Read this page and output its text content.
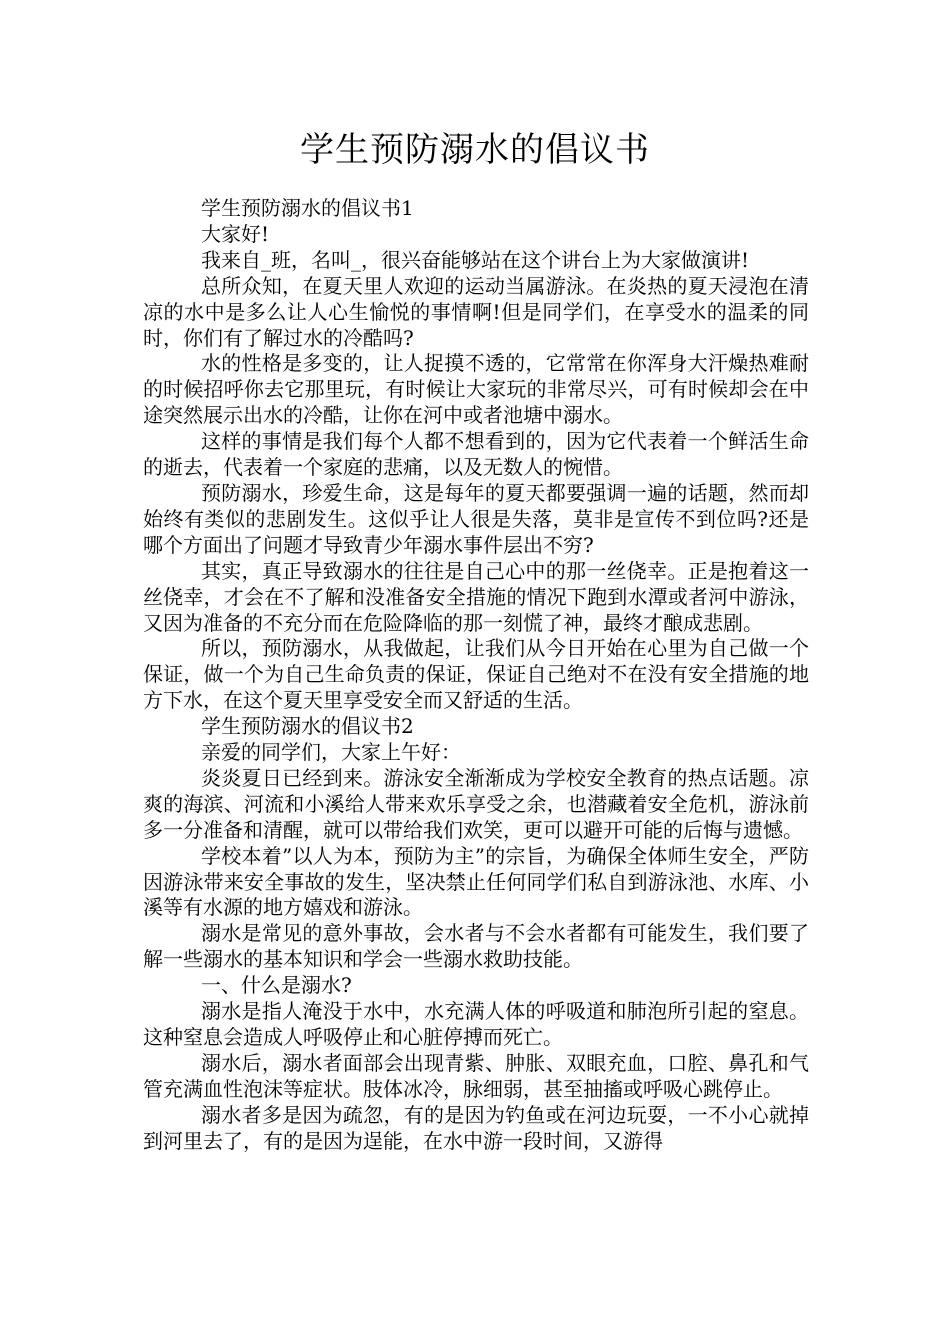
学生预防溺水的倡议书

学生预防溺水的倡议书1

大家好!

我来自_班，名叫_，很兴奋能够站在这个讲台上为大家做演讲!

总所众知，在夏天里人欢迎的运动当属游泳。在炎热的夏天浸泡在清凉的水中是多么让人心生愉悦的事情啊!但是同学们，在享受水的温柔的同时，你们有了解过水的冷酷吗?

水的性格是多变的，让人捉摸不透的，它常常在你浑身大汗燥热难耐的时候招呼你去它那里玩，有时候让大家玩的非常尽兴，可有时候却会在中途突然展示出水的冷酷，让你在河中或者池塘中溺水。

这样的事情是我们每个人都不想看到的，因为它代表着一个鲜活生命的逝去，代表着一个家庭的悲痛，以及无数人的惋惜。

预防溺水，珍爱生命，这是每年的夏天都要强调一遍的话题，然而却始终有类似的悲剧发生。这似乎让人很是失落，莫非是宣传不到位吗?还是哪个方面出了问题才导致青少年溺水事件层出不穷?

其实，真正导致溺水的往往是自己心中的那一丝侥幸。正是抱着这一丝侥幸，才会在不了解和没准备安全措施的情况下跑到水潭或者河中游泳，又因为准备的不充分而在危险降临的那一刻慌了神，最终才酿成悲剧。

所以，预防溺水，从我做起，让我们从今日开始在心里为自己做一个保证，做一个为自己生命负责的保证，保证自己绝对不在没有安全措施的地方下水，在这个夏天里享受安全而又舒适的生活。

学生预防溺水的倡议书2

亲爱的同学们，大家上午好：

炎炎夏日已经到来。游泳安全渐渐成为学校安全教育的热点话题。凉爽的海滨、河流和小溪给人带来欢乐享受之余，也潜藏着安全危机，游泳前多一分准备和清醒，就可以带给我们欢笑，更可以避开可能的后悔与遗憾。

学校本着”以人为本，预防为主”的宗旨，为确保全体师生安全，严防因游泳带来安全事故的发生，坚决禁止任何同学们私自到游泳池、水库、小溪等有水源的地方嬉戏和游泳。

溺水是常见的意外事故，会水者与不会水者都有可能发生，我们要了解一些溺水的基本知识和学会一些溺水救助技能。

一、什么是溺水?

溺水是指人淹没于水中，水充满人体的呼吸道和肺泡所引起的窒息。这种窒息会造成人呼吸停止和心脏停搏而死亡。

溺水后，溺水者面部会出现青紫、肿胀、双眼充血，口腔、鼻孔和气管充满血性泡沫等症状。肢体冰冷，脉细弱，甚至抽搐或呼吸心跳停止。

溺水者多是因为疏忽，有的是因为钓鱼或在河边玩耍，一不小心就掉到河里去了，有的是因为逞能，在水中游一段时间，又游得
